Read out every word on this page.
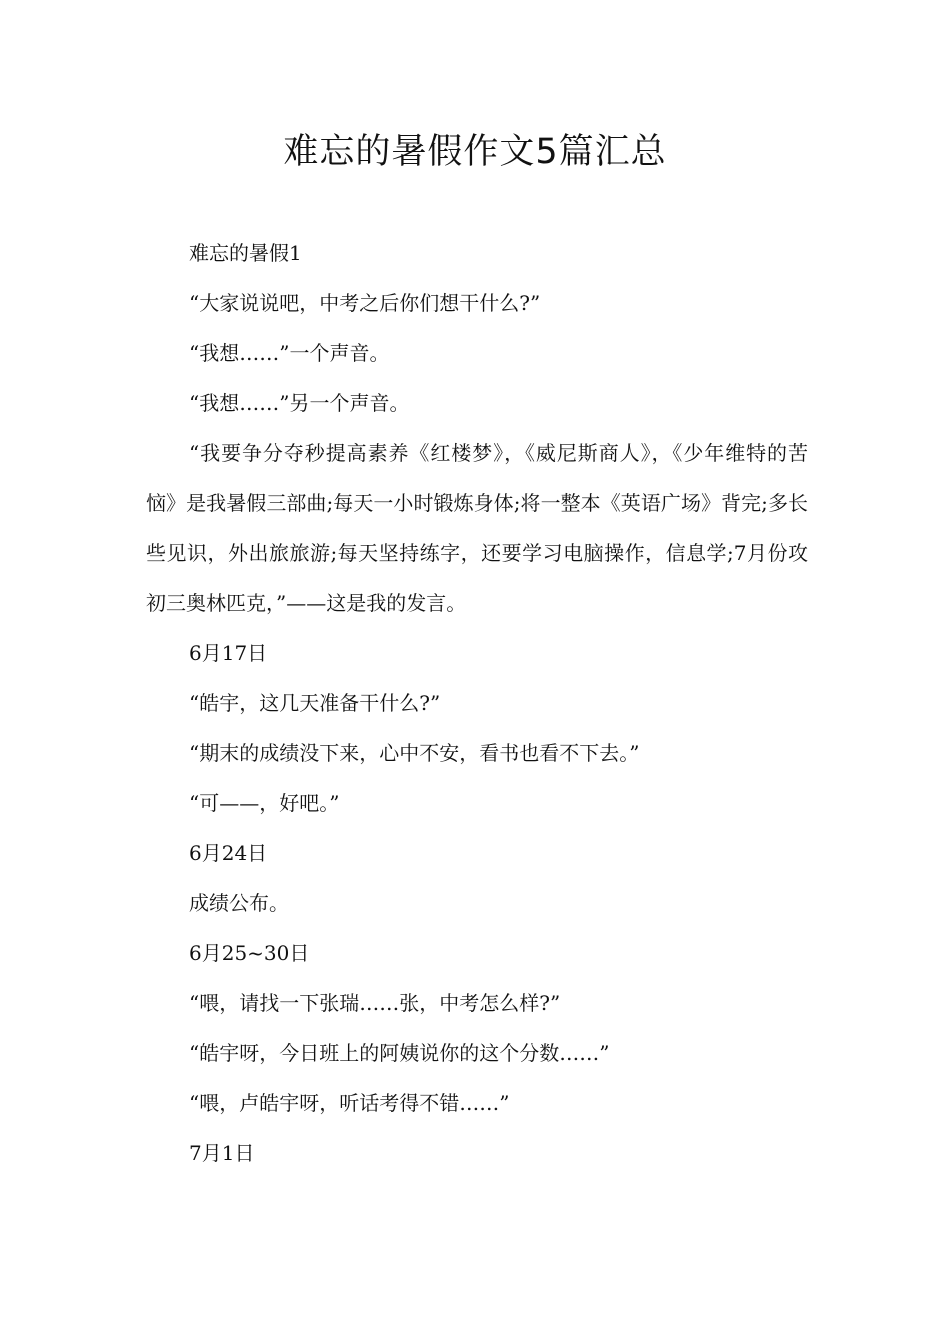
难忘的暑假作文5篇汇总

难忘的暑假1

“大家说说吧，中考之后你们想干什么?”

“我想……”一个声音。

“我想……”另一个声音。

“我要争分夺秒提高素养《红楼梦》，《威尼斯商人》，《少年维特的苦恼》是我暑假三部曲;每天一小时锻炼身体;将一整本《英语广场》背完;多长些见识，外出旅旅游;每天坚持练字，还要学习电脑操作，信息学;7月份攻初三奥林匹克，”——这是我的发言。

6月17日

“皓宇，这几天准备干什么?”

“期末的成绩没下来，心中不安，看书也看不下去。”

“可——，好吧。”

6月24日

成绩公布。

6月25~30日

“喂，请找一下张瑞……张，中考怎么样?”

“皓宇呀，今日班上的阿姨说你的这个分数……”

“喂，卢皓宇呀，听话考得不错……”

7月1日
